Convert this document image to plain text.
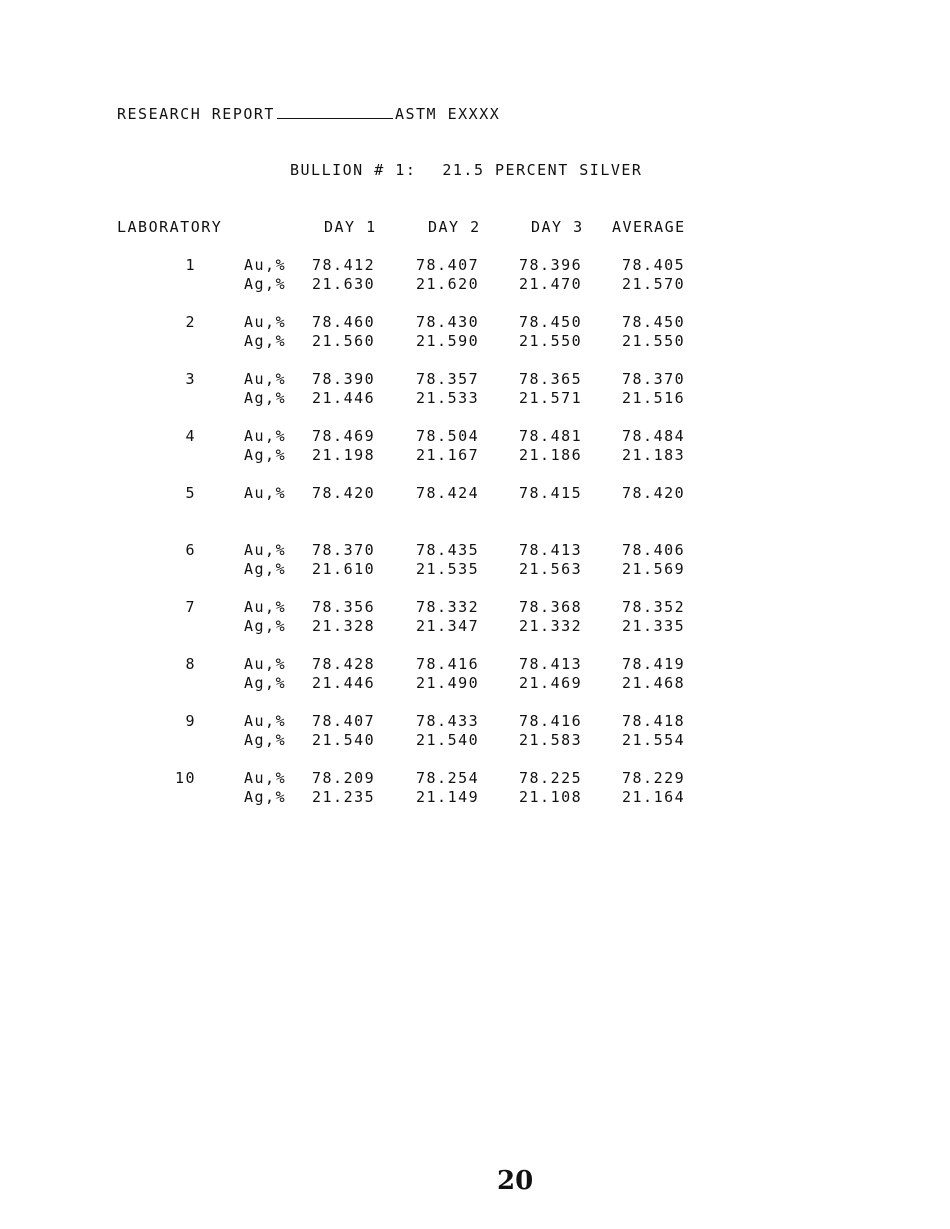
RESEARCH REPORT	ASTM EXXXX
BULLION # 1: 21.5 PERCENT SILVER
LABORATORY	DAY 1	DAY 2	DAY 3 AVERAGE
1	Au,% 78.412	78.407	78.396	78.405
Ag,% 21.630	21.620	21.470	21.570
2	Au,% 78.460	78.430	78.450	78.450
Ag,% 21.560	21.590	21.550	21.550
3	Au,% 78.390	78.357	78.365	78.370
Ag,% 21.446	21.533	21.571	21.516
4	Au,% 78.469	78.504	78.481	78.484
Ag,% 21.198	21.167	21.186	21.183
5	Au,% 78.420	78.424	78.415	78.420
6	Au,% 78.370	78.435	78.413	78.406
Ag,% 21.610	21.535	21.563	21.569
7	Au,% 78.356	78.332	78.368	78.352
Ag,% 21.328	21.347	21.332	21.335
8	Au,% 78.428	78.416	78.413	78.419
Ag,% 21.446	21.490	21.469	21.468
9	Au,% 78.407	78.433	78.416	78.418
Ag,% 21.540	21.540	21.583	21.554
10	Au,% 78.209	78.254	78.225	78.229
Ag,% 21.235	21.149	21.108	21.164
20
